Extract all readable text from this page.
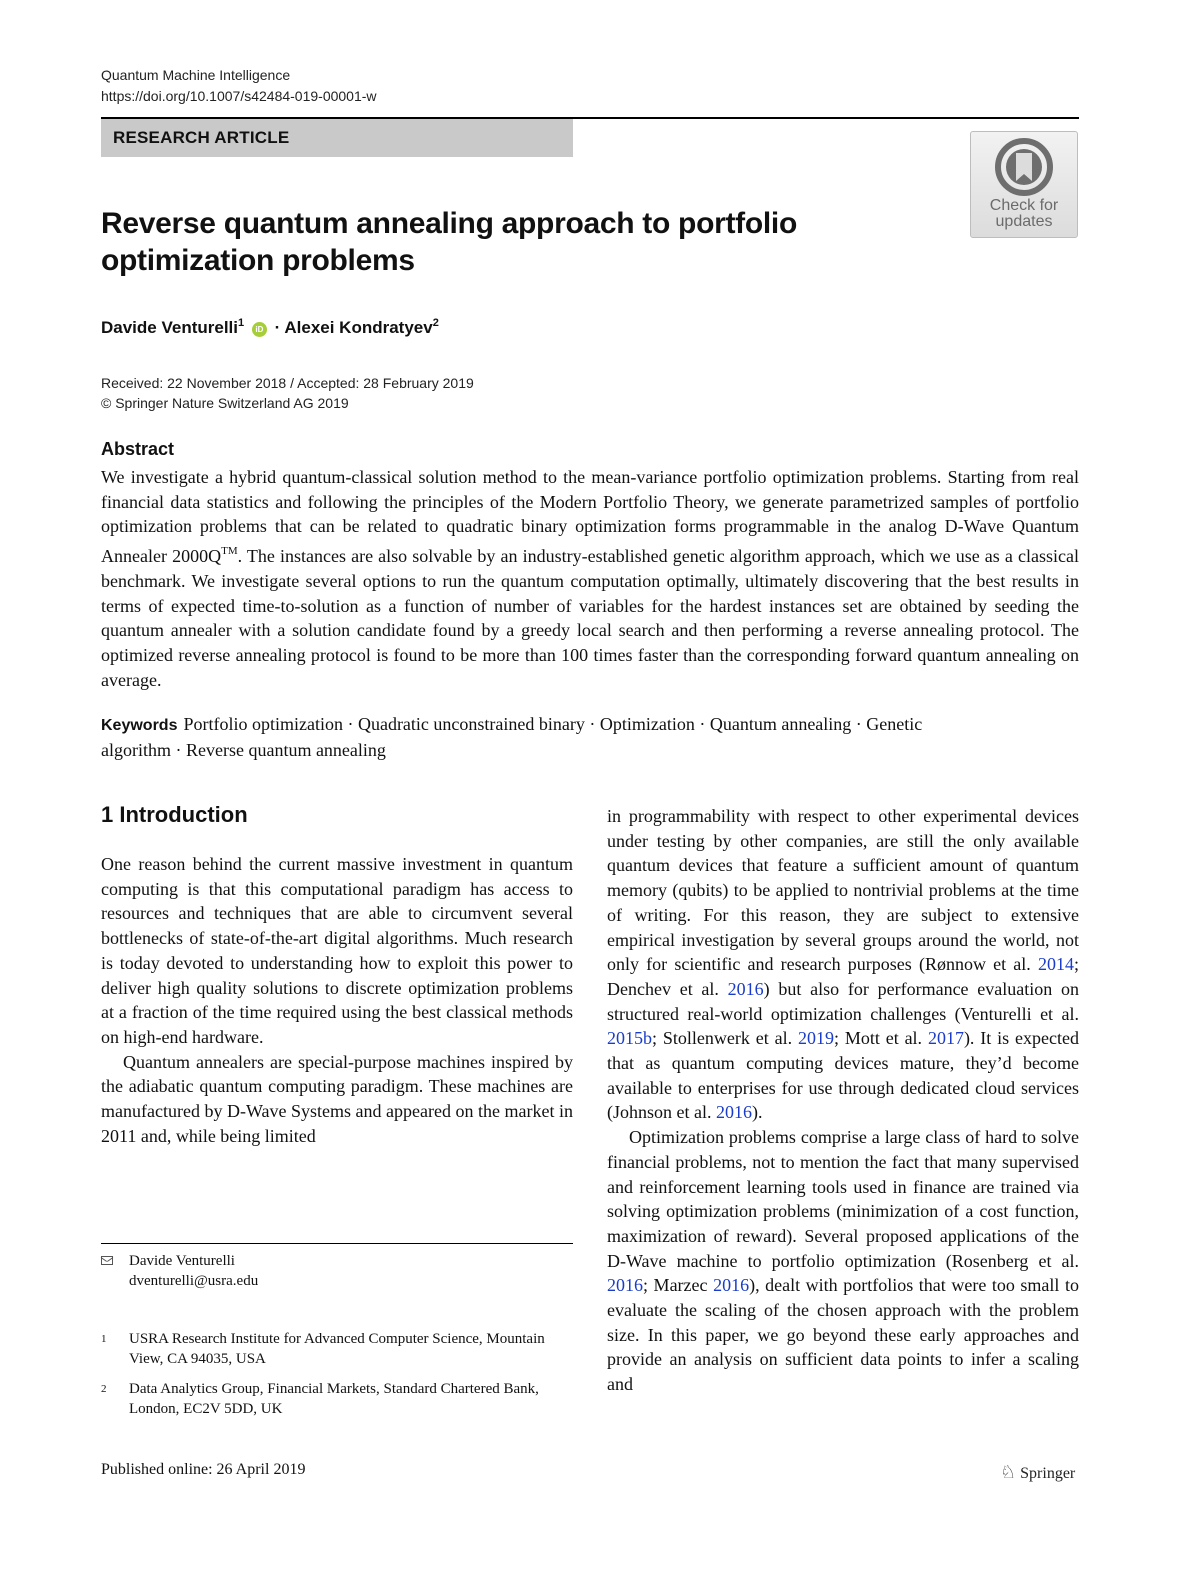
Quantum Machine Intelligence
https://doi.org/10.1007/s42484-019-00001-w
RESEARCH ARTICLE
Check for
updates
Reverse quantum annealing approach to portfolio optimization problems
Davide Venturelli$^1$ iD · Alexei Kondratyev$^2$
Received: 22 November 2018 / Accepted: 28 February 2019
© Springer Nature Switzerland AG 2019
Abstract
We investigate a hybrid quantum-classical solution method to the mean-variance portfolio optimization problems. Starting from real financial data statistics and following the principles of the Modern Portfolio Theory, we generate parametrized samples of portfolio optimization problems that can be related to quadratic binary optimization forms programmable in the analog D-Wave Quantum Annealer 2000Q™. The instances are also solvable by an industry-established genetic algorithm approach, which we use as a classical benchmark. We investigate several options to run the quantum computation optimally, ultimately discovering that the best results in terms of expected time-to-solution as a function of number of variables for the hardest instances set are obtained by seeding the quantum annealer with a solution candidate found by a greedy local search and then performing a reverse annealing protocol. The optimized reverse annealing protocol is found to be more than 100 times faster than the corresponding forward quantum annealing on average.
Keywords Portfolio optimization · Quadratic unconstrained binary · Optimization · Quantum annealing · Genetic algorithm · Reverse quantum annealing
1 Introduction

One reason behind the current massive investment in quantum computing is that this computational paradigm has access to resources and techniques that are able to circumvent several bottlenecks of state-of-the-art digital algorithms. Much research is today devoted to understanding how to exploit this power to deliver high quality solutions to discrete optimization problems at a fraction of the time required using the best classical methods on high-end hardware.

Quantum annealers are special-purpose machines inspired by the adiabatic quantum computing paradigm. These machines are manufactured by D-Wave Systems and appeared on the market in 2011 and, while being limited

in programmability with respect to other experimental devices under testing by other companies, are still the only available quantum devices that feature a sufficient amount of quantum memory (qubits) to be applied to nontrivial problems at the time of writing. For this reason, they are subject to extensive empirical investigation by several groups around the world, not only for scientific and research purposes (Rønnow et al. 2014; Denchev et al. 2016) but also for performance evaluation on structured real-world optimization challenges (Venturelli et al. 2015b; Stollenwerk et al. 2019; Mott et al. 2017). It is expected that as quantum computing devices mature, they’d become available to enterprises for use through dedicated cloud services (Johnson et al. 2016).

Optimization problems comprise a large class of hard to solve financial problems, not to mention the fact that many supervised and reinforcement learning tools used in finance are trained via solving optimization problems (minimization of a cost function, maximization of reward). Several proposed applications of the D-Wave machine to portfolio optimization (Rosenberg et al. 2016; Marzec 2016), dealt with portfolios that were too small to evaluate the scaling of the chosen approach with the problem size. In this paper, we go beyond these early approaches and provide an analysis on sufficient data points to infer a scaling and

Davide Venturelli
dventurelli@usra.edu
1 USRA Research Institute for Advanced Computer Science, Mountain View, CA 94035, USA
2 Data Analytics Group, Financial Markets, Standard Chartered Bank, London, EC2V 5DD, UK
Published online: 26 April 2019	♘ Springer
